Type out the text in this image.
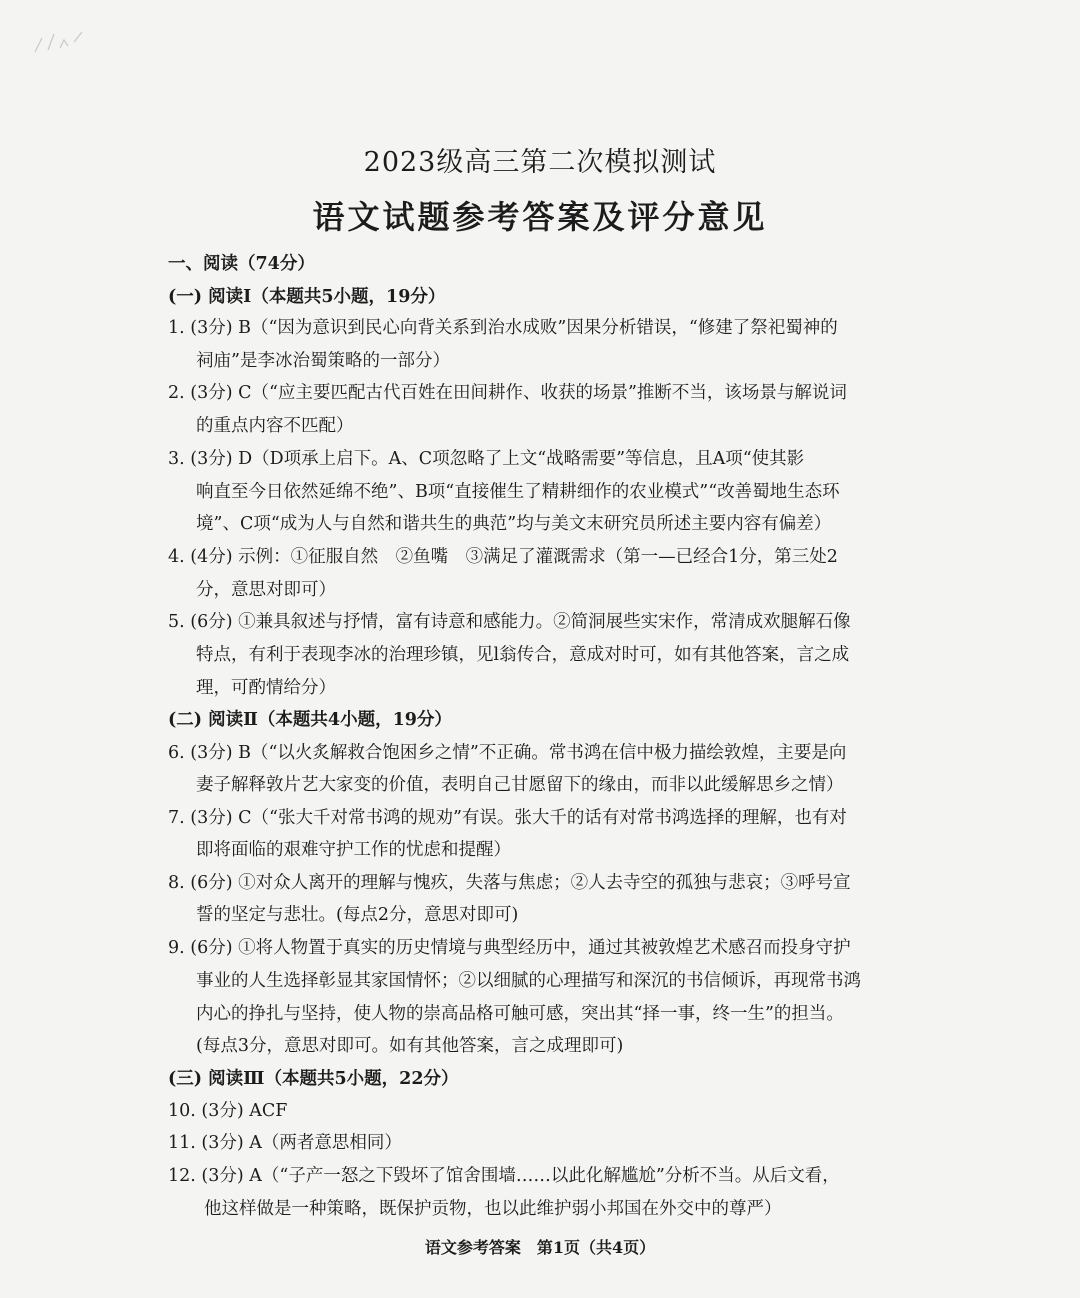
2023级高三第二次模拟测试
语文试题参考答案及评分意见
一、阅读（74分）
(一) 阅读Ⅰ（本题共5小题，19分）
1. (3分) B（“因为意识到民心向背关系到治水成败”因果分析错误，“修建了祭祀蜀神的
祠庙”是李冰治蜀策略的一部分）
2. (3分) C（“应主要匹配古代百姓在田间耕作、收获的场景”推断不当，该场景与解说词
的重点内容不匹配）
3. (3分) D（D项承上启下。A、C项忽略了上文“战略需要”等信息，且A项“使其影
响直至今日依然延绵不绝”、B项“直接催生了精耕细作的农业模式”“改善蜀地生态环
境”、C项“成为人与自然和谐共生的典范”均与美文末研究员所述主要内容有偏差）
4. (4分) 示例：①征服自然　②鱼嘴　③满足了灌溉需求（第一—已经合1分，第三处2
分，意思对即可）
5. (6分) ①兼具叙述与抒情，富有诗意和感能力。②简洞展些实宋作，常清成欢腿解石像
特点，有利于表现李冰的治理珍镇，见l翁传合，意成对时可，如有其他答案，言之成
理，可酌情给分）
(二) 阅读Ⅱ（本题共4小题，19分）
6. (3分) B（“以火炙解救合饱困乡之情”不正确。常书鸿在信中极力描绘敦煌，主要是向
妻子解释敦片艺大家变的价值，表明自己甘愿留下的缘由，而非以此缓解思乡之情）
7. (3分) C（“张大千对常书鸿的规劝”有误。张大千的话有对常书鸿选择的理解，也有对
即将面临的艰难守护工作的忧虑和提醒）
8. (6分) ①对众人离开的理解与愧疚，失落与焦虑；②人去寺空的孤独与悲哀；③呼号宣
誓的坚定与悲壮。(每点2分，意思对即可)
9. (6分) ①将人物置于真实的历史情境与典型经历中，通过其被敦煌艺术感召而投身守护
事业的人生选择彰显其家国情怀；②以细腻的心理描写和深沉的书信倾诉，再现常书鸿
内心的挣扎与坚持，使人物的崇高品格可触可感，突出其“择一事，终一生”的担当。
(每点3分，意思对即可。如有其他答案，言之成理即可)
(三) 阅读Ⅲ（本题共5小题，22分）
10. (3分) ACF
11. (3分) A（两者意思相同）
12. (3分) A（“子产一怒之下毁坏了馆舍围墙……以此化解尴尬”分析不当。从后文看，
他这样做是一种策略，既保护贡物，也以此维护弱小邦国在外交中的尊严）
语文参考答案　第1页（共4页）
